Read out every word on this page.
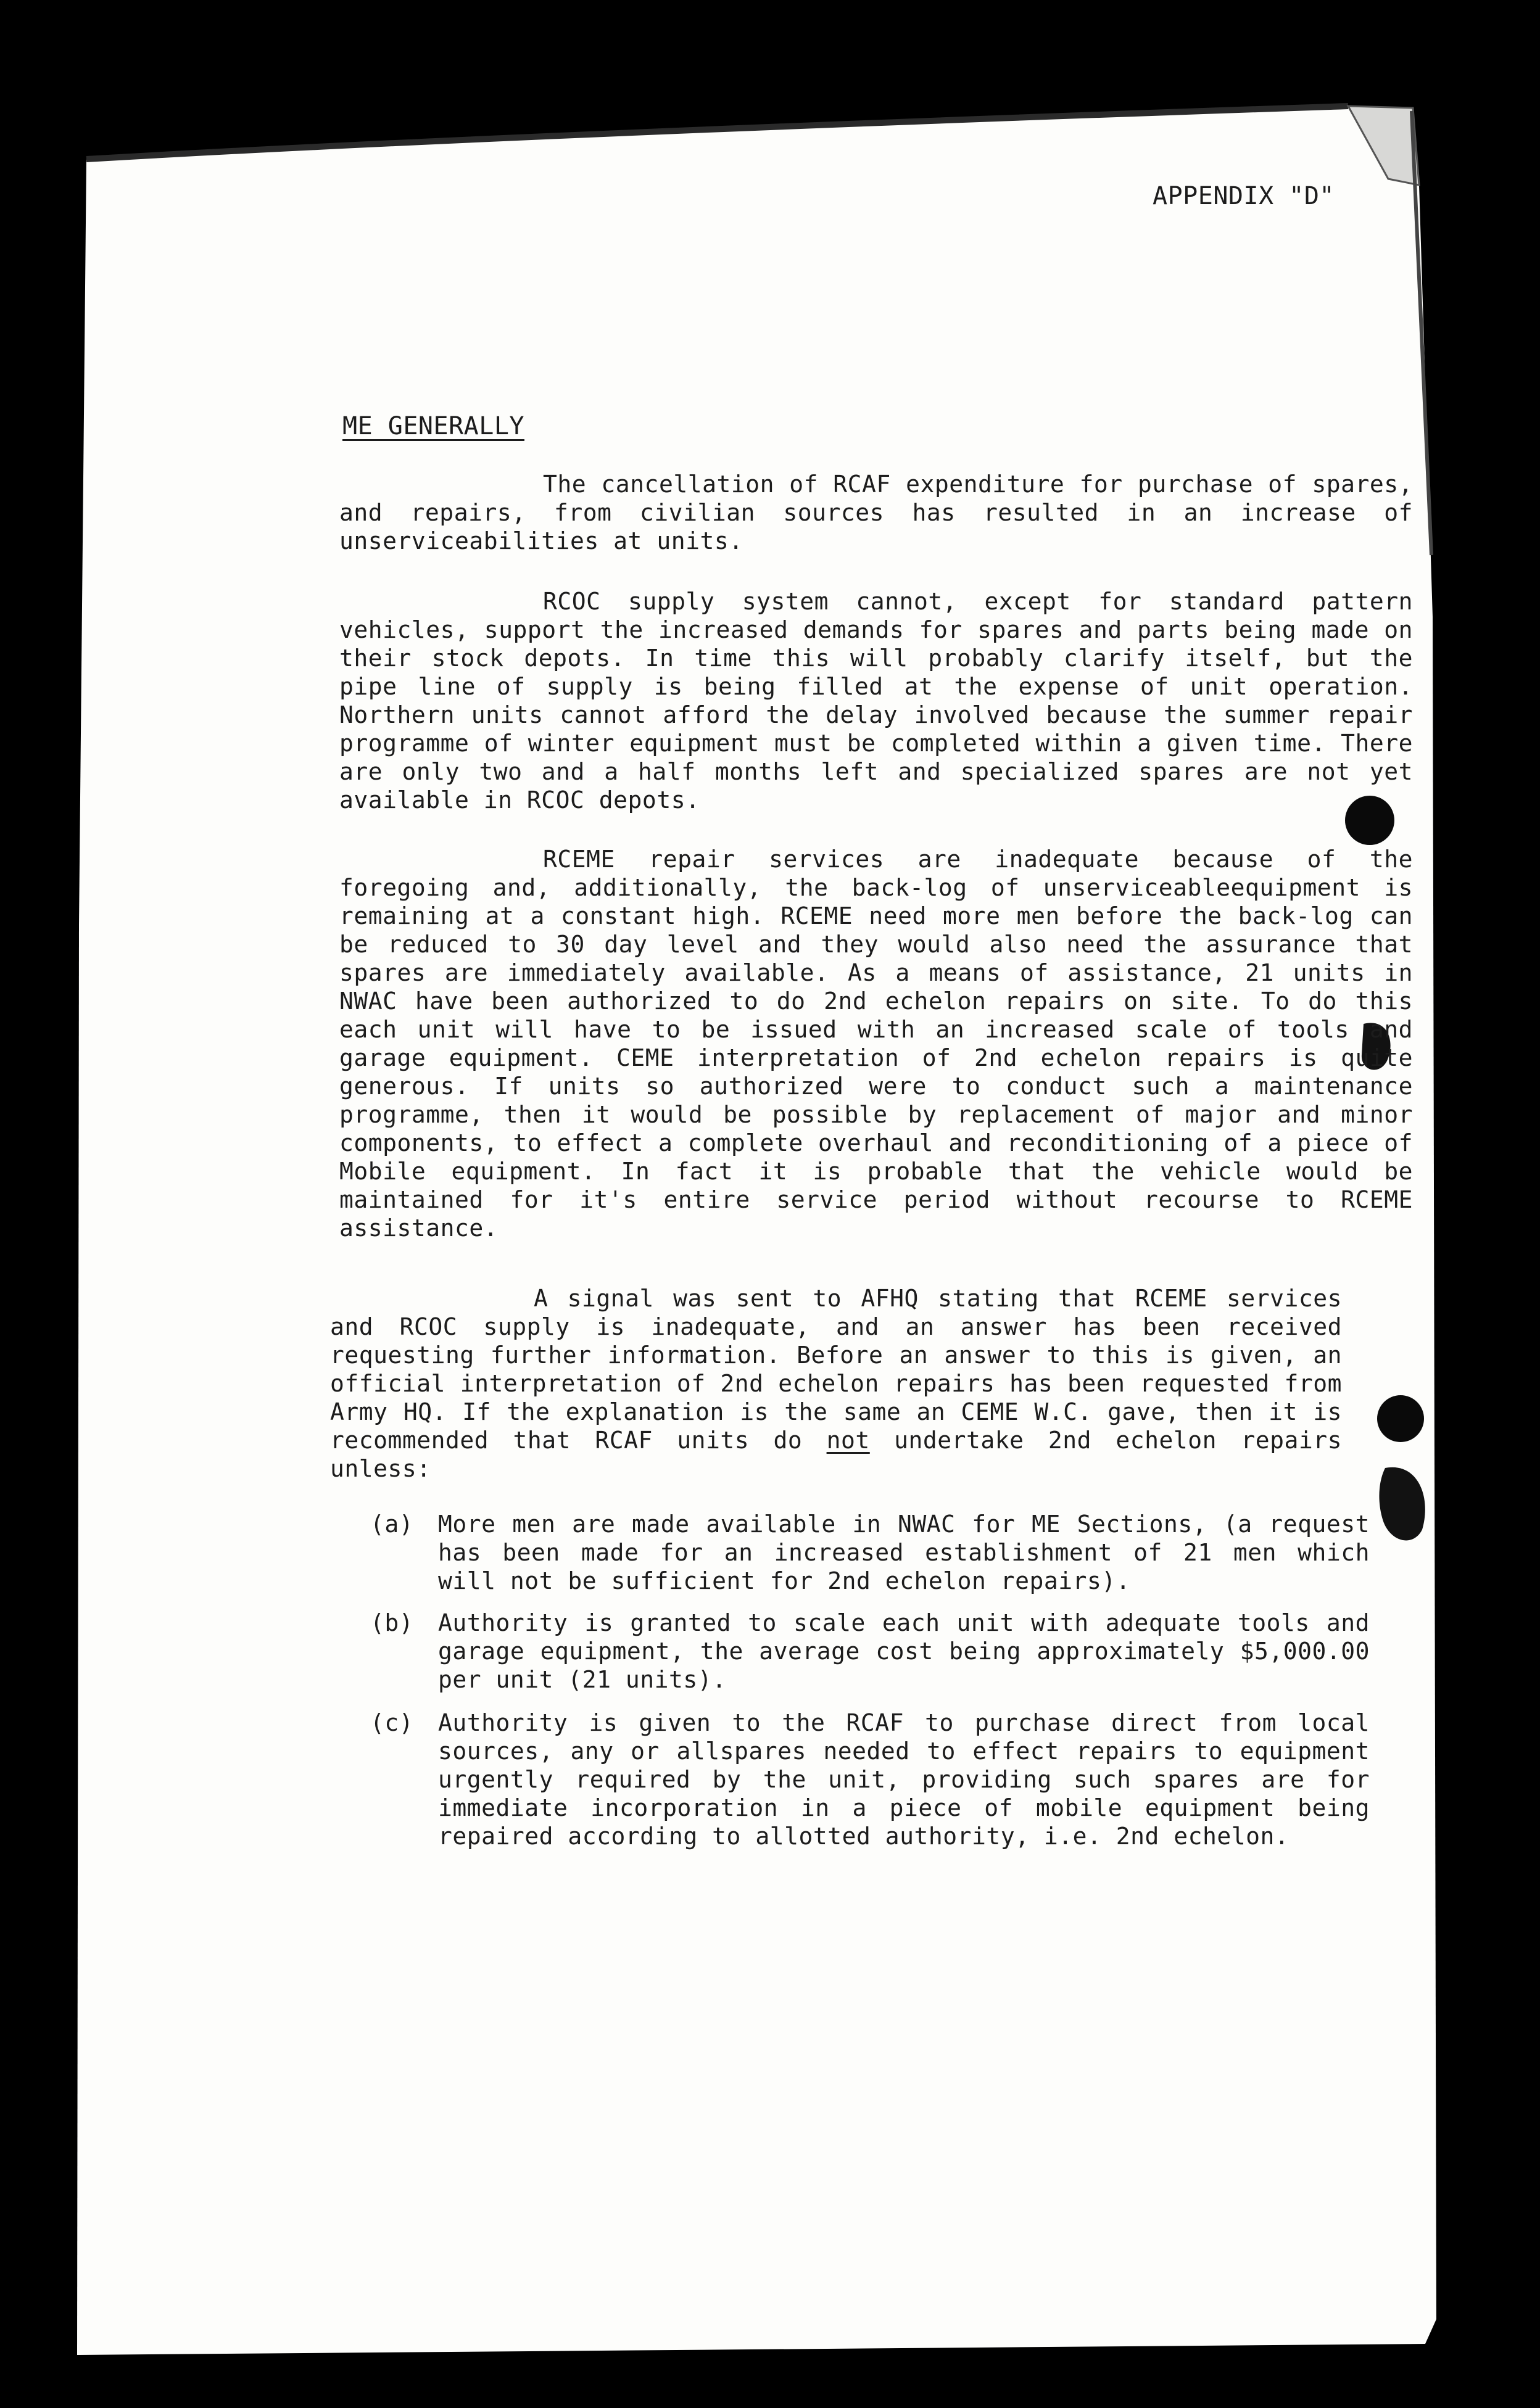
APPENDIX "D"
ME GENERALLY
The cancellation of RCAF expenditure for purchase of spares, and repairs, from civilian sources has resulted in an increase of unserviceabilities at units.
RCOC supply system cannot, except for standard pattern vehicles, support the increased demands for spares and parts being made on their stock depots. In time this will probably clarify itself, but the pipe line of supply is being filled at the expense of unit operation. Northern units cannot afford the delay involved because the summer repair programme of winter equipment must be completed within a given time. There are only two and a half months left and specialized spares are not yet available in RCOC depots.
RCEME repair services are inadequate because of the foregoing and, additionally, the back-log of unserviceableequipment is remaining at a constant high. RCEME need more men before the back-log can be reduced to 30 day level and they would also need the assurance that spares are immediately available. As a means of assistance, 21 units in NWAC have been authorized to do 2nd echelon repairs on site. To do this each unit will have to be issued with an increased scale of tools and garage equipment. CEME interpretation of 2nd echelon repairs is quite generous. If units so authorized were to conduct such a maintenance programme, then it would be possible by replacement of major and minor components, to effect a complete overhaul and reconditioning of a piece of Mobile equipment. In fact it is probable that the vehicle would be maintained for it's entire service period without recourse to RCEME assistance.
A signal was sent to AFHQ stating that RCEME services and RCOC supply is inadequate, and an answer has been received requesting further information. Before an answer to this is given, an official interpretation of 2nd echelon repairs has been requested from Army HQ. If the explanation is the same an CEME W.C. gave, then it is recommended that RCAF units do not undertake 2nd echelon repairs unless:
(a)	More men are made available in NWAC for ME Sections, (a request has been made for an increased establishment of 21 men which will not be sufficient for 2nd echelon repairs).
(b)	Authority is granted to scale each unit with adequate tools and garage equipment, the average cost being approximately $5,000.00 per unit (21 units).
(c)	Authority is given to the RCAF to purchase direct from local sources, any or allspares needed to effect repairs to equipment urgently required by the unit, providing such spares are for immediate incorporation in a piece of mobile equipment being repaired according to allotted authority, i.e. 2nd echelon.
